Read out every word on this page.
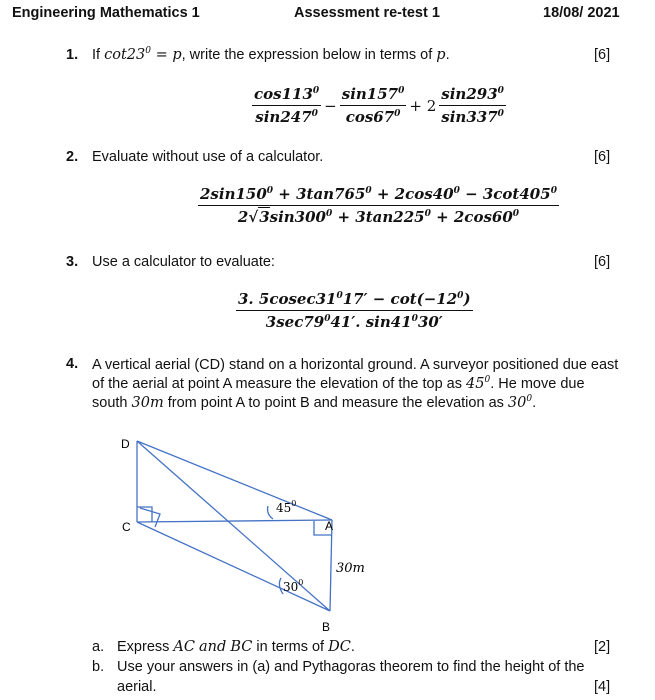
Engineering Mathematics 1	Assessment re-test 1	18/08/ 2021
1. If $\cot 23^0 = p$, write the expression below in terms of p.	[6]
$\frac{\cos 113^0}{\sin 247^0} - \frac{\sin 157^0}{\cos 67^0} + 2 \frac{\sin 293^0}{\sin 337^0}$
2. Evaluate without use of a calculator.	[6]
$\frac{2\sin 150^0 + 3\tan 765^0 + 2\cos 40^0 - 3\cot 405^0}{2√3\sin 300^0 + 3\tan 225^0 + 2\cos 60^0}$
3. Use a calculator to evaluate:	[6]
$\frac{3. 5cosec31^017' - \cot(-12^0)}{3\sec 79^041'. \sin 41^030'}$
4. A vertical aerial (CD) stand on a horizontal ground. A surveyor positioned due east
of the aerial at point A measure the elevation of the top as $45^0$. He move due
south 30m from point A to point B and measure the elevation as $30^0$.
D
C	A
B
$45^0$
$30^0$
30m
a. Express AC and BC in terms of DC.	[2]
b. Use your answers in (a) and Pythagoras theorem to find the height of the
aerial.	[4]
